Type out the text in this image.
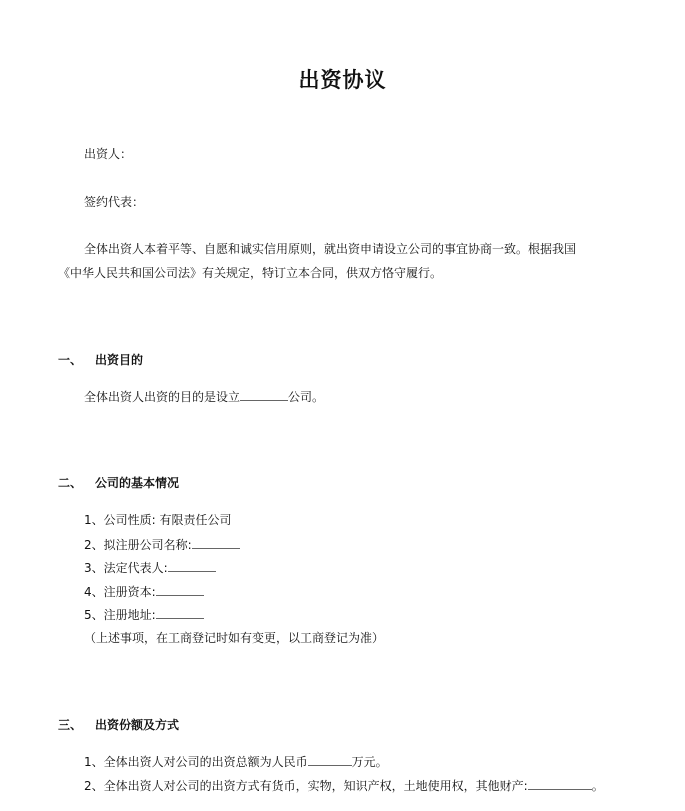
出资协议
出资人：
签约代表：
全体出资人本着平等、自愿和诚实信用原则，就出资申请设立公司的事宜协商一致。根据我国
《中华人民共和国公司法》有关规定，特订立本合同，供双方恪守履行。
一、 出资目的
全体出资人出资的目的是设立	公司。
二、 公司的基本情况
1、公司性质: 有限责任公司
2、拟注册公司名称:
3、法定代表人:
4、注册资本:
5、注册地址:
（上述事项，在工商登记时如有变更，以工商登记为准）
三、 出资份额及方式
1、全体出资人对公司的出资总额为人民币	万元。
2、全体出资人对公司的出资方式有货币，实物，知识产权，土地使用权，其他财产:	。
